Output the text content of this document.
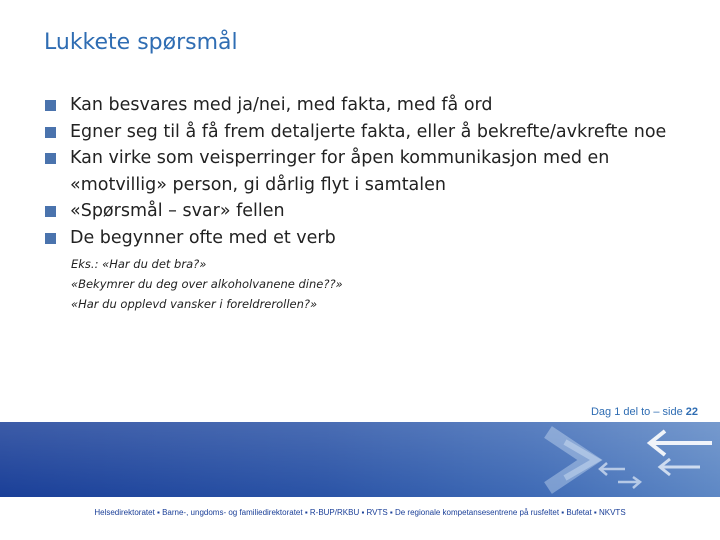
Lukkete spørsmål
Kan besvares med ja/nei, med fakta, med få ord
Egner seg til å få frem detaljerte fakta, eller å bekrefte/avkrefte noe
Kan virke som veisperringer for åpen kommunikasjon med en «motvillig» person, gi dårlig flyt i samtalen
«Spørsmål – svar» fellen
De begynner ofte med et verb
Eks.: «Har du det bra?»
«Bekymrer du deg over alkoholvanene dine??»
«Har du opplevd vansker i foreldrerollen?»
Dag 1 del to – side 22
Helsedirektoratet ▪ Barne-, ungdoms- og familiedirektoratet ▪ R-BUP/RKBU ▪ RVTS ▪ De regionale kompetansesentrene på rusfeltet ▪ Bufetat ▪ NKVTS
